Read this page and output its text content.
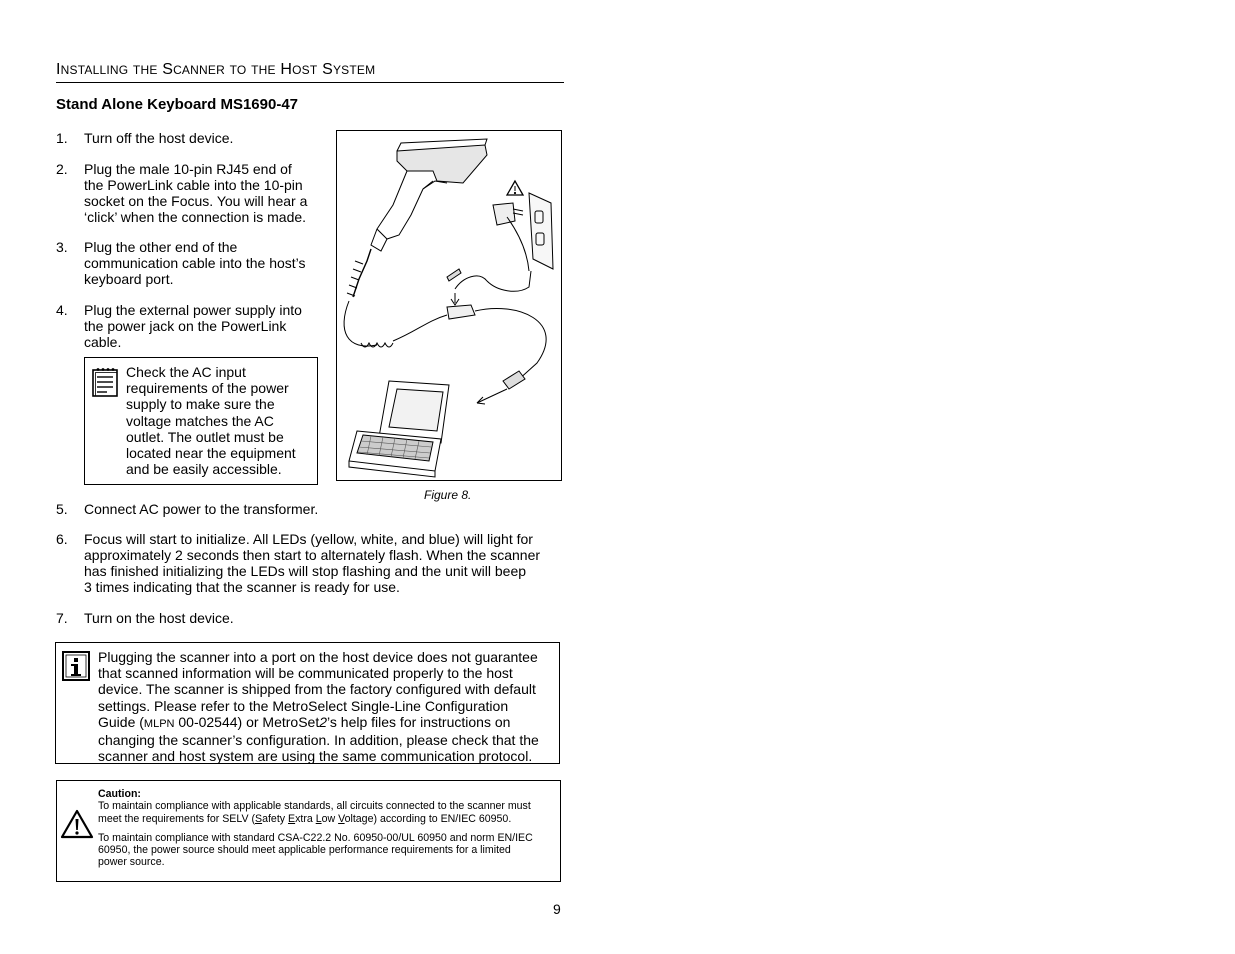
INSTALLING THE SCANNER TO THE HOST SYSTEM
Stand Alone Keyboard MS1690-47
1. Turn off the host device.
2. Plug the male 10-pin RJ45 end of
the PowerLink cable into the 10-pin
socket on the Focus. You will hear a
‘click’ when the connection is made.
3. Plug the other end of the
communication cable into the host’s
keyboard port.
4. Plug the external power supply into
the power jack on the PowerLink
cable.
Check the AC input
requirements of the power
supply to make sure the
voltage matches the AC
outlet. The outlet must be
located near the equipment
and be easily accessible.
Figure 8.
5. Connect AC power to the transformer.
6. Focus will start to initialize. All LEDs (yellow, white, and blue) will light for
approximately 2 seconds then start to alternately flash. When the scanner
has finished initializing the LEDs will stop flashing and the unit will beep
3 times indicating that the scanner is ready for use.
7. Turn on the host device.
Plugging the scanner into a port on the host device does not guarantee
that scanned information will be communicated properly to the host
device. The scanner is shipped from the factory configured with default
settings. Please refer to the MetroSelect Single-Line Configuration
Guide (MLPN 00-02544) or MetroSet2’s help files for instructions on
changing the scanner’s configuration. In addition, please check that the
scanner and host system are using the same communication protocol.
Caution:

To maintain compliance with applicable standards, all circuits connected to the scanner must
meet the requirements for SELV (Safety Extra Low Voltage) according to EN/IEC 60950.

To maintain compliance with standard CSA-C22.2 No. 60950-00/UL 60950 and norm EN/IEC
60950, the power source should meet applicable performance requirements for a limited
power source.

9
